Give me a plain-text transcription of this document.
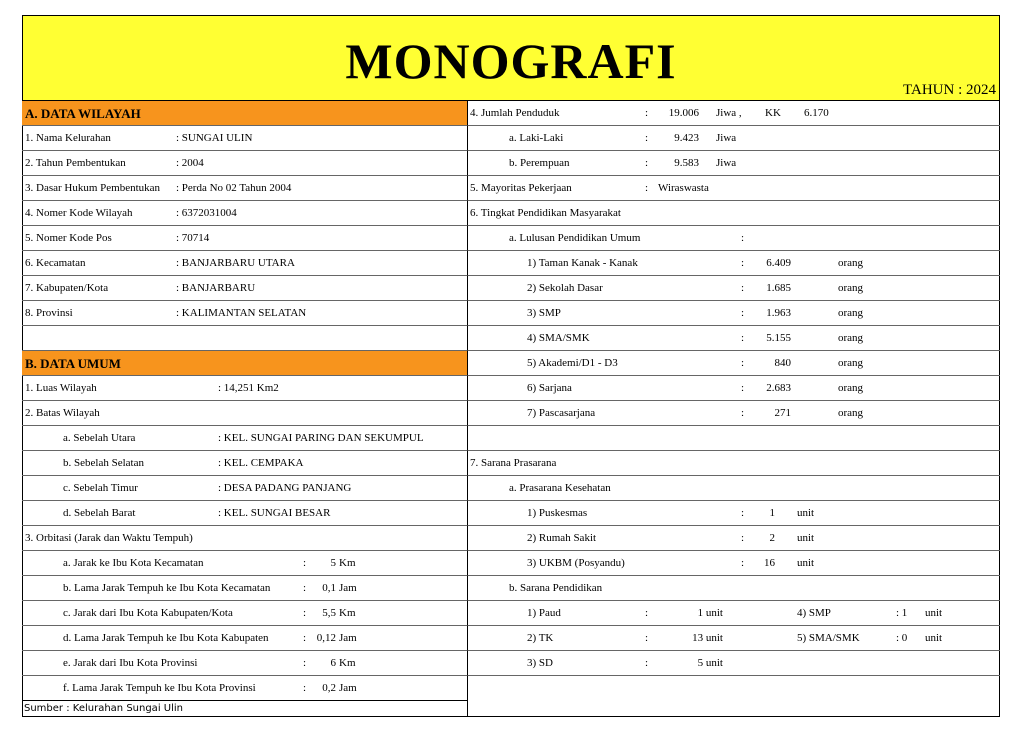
MONOGRAFI
TAHUN : 2024
A. DATA WILAYAH
1. Nama Kelurahan	: SUNGAI ULIN
2. Tahun Pembentukan	: 2004
3. Dasar Hukum Pembentukan : Perda No 02 Tahun 2004
4. Nomer Kode Wilayah	: 6372031004
5. Nomer Kode Pos	: 70714
6. Kecamatan	: BANJARBARU UTARA
7. Kabupaten/Kota	: BANJARBARU
8. Provinsi	: KALIMANTAN SELATAN
B. DATA UMUM
1. Luas Wilayah	: 14,251 Km2
2. Batas Wilayah
a. Sebelah Utara	: KEL. SUNGAI PARING DAN SEKUMPUL
b. Sebelah Selatan	: KEL. CEMPAKA
c. Sebelah Timur	: DESA PADANG PANJANG
d. Sebelah Barat	: KEL. SUNGAI BESAR
3. Orbitasi (Jarak dan Waktu Tempuh)
a. Jarak ke Ibu Kota Kecamatan	:	5 Km
b. Lama Jarak Tempuh ke Ibu Kota Kecamatan	:	0,1 Jam
c. Jarak dari Ibu Kota Kabupaten/Kota	:	5,5 Km
d. Lama Jarak Tempuh ke Ibu Kota Kabupaten	: 0,12 Jam
e. Jarak dari Ibu Kota Provinsi	:	6 Km
f. Lama Jarak Tempuh ke Ibu Kota Provinsi	:	0,2 Jam
Sumber : Kelurahan Sungai Ulin
4. Jumlah Penduduk	:	19.006 Jiwa , KK 6.170
a. Laki-Laki	:	9.423 Jiwa
b. Perempuan	:	9.583 Jiwa
5. Mayoritas Pekerjaan	: Wiraswasta
6. Tingkat Pendidikan Masyarakat
a. Lulusan Pendidikan Umum	:
1) Taman Kanak - Kanak	:	6.409	orang
2) Sekolah Dasar	:	1.685	orang
3) SMP	:	1.963	orang
4) SMA/SMK	:	5.155	orang
5) Akademi/D1 - D3	:	840	orang
6) Sarjana	:	2.683	orang
7) Pascasarjana	:	271	orang
7. Sarana Prasarana
a. Prasarana Kesehatan
1) Puskesmas	:	1 unit
2) Rumah Sakit	:	2 unit
3) UKBM (Posyandu)	:	16 unit
b. Sarana Pendidikan
1) Paud	:	1 unit	4) SMP	: 1 unit
2) TK	:	13 unit	5) SMA/SMK	: 0 unit
3) SD	:	5 unit
